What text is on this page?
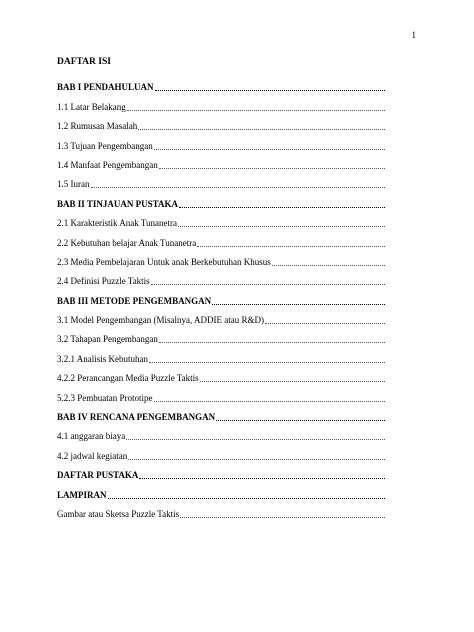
1
DAFTAR ISI
BAB I PENDAHULUAN
1.1 Latar Belakang
1.2 Rumusan Masalah
1.3 Tujuan Pengembangan
1.4 Manfaat Pengembangan
1.5 Iuran
BAB II TINJAUAN PUSTAKA
2.1 Karakteristik Anak Tunanetra
2.2 Kebutuhan belajar Anak Tunanetra
2.3 Media Pembelajaran Untuk anak Berkebutuhan Khusus
2.4 Definisi Puzzle Taktis
BAB III METODE PENGEMBANGAN
3.1 Model Pengembangan (Misalnya, ADDIE atau R&D)
3.2 Tahapan Pengembangan
3.2.1 Analisis Kebutuhan
4.2.2 Perancangan Media Puzzle Taktis
5.2.3 Pembuatan Prototipe
BAB IV RENCANA PENGEMBANGAN
4.1 anggaran biaya
4.2 jadwal kegiatan
DAFTAR PUSTAKA
LAMPIRAN
Gambar atau Sketsa Puzzle Taktis
